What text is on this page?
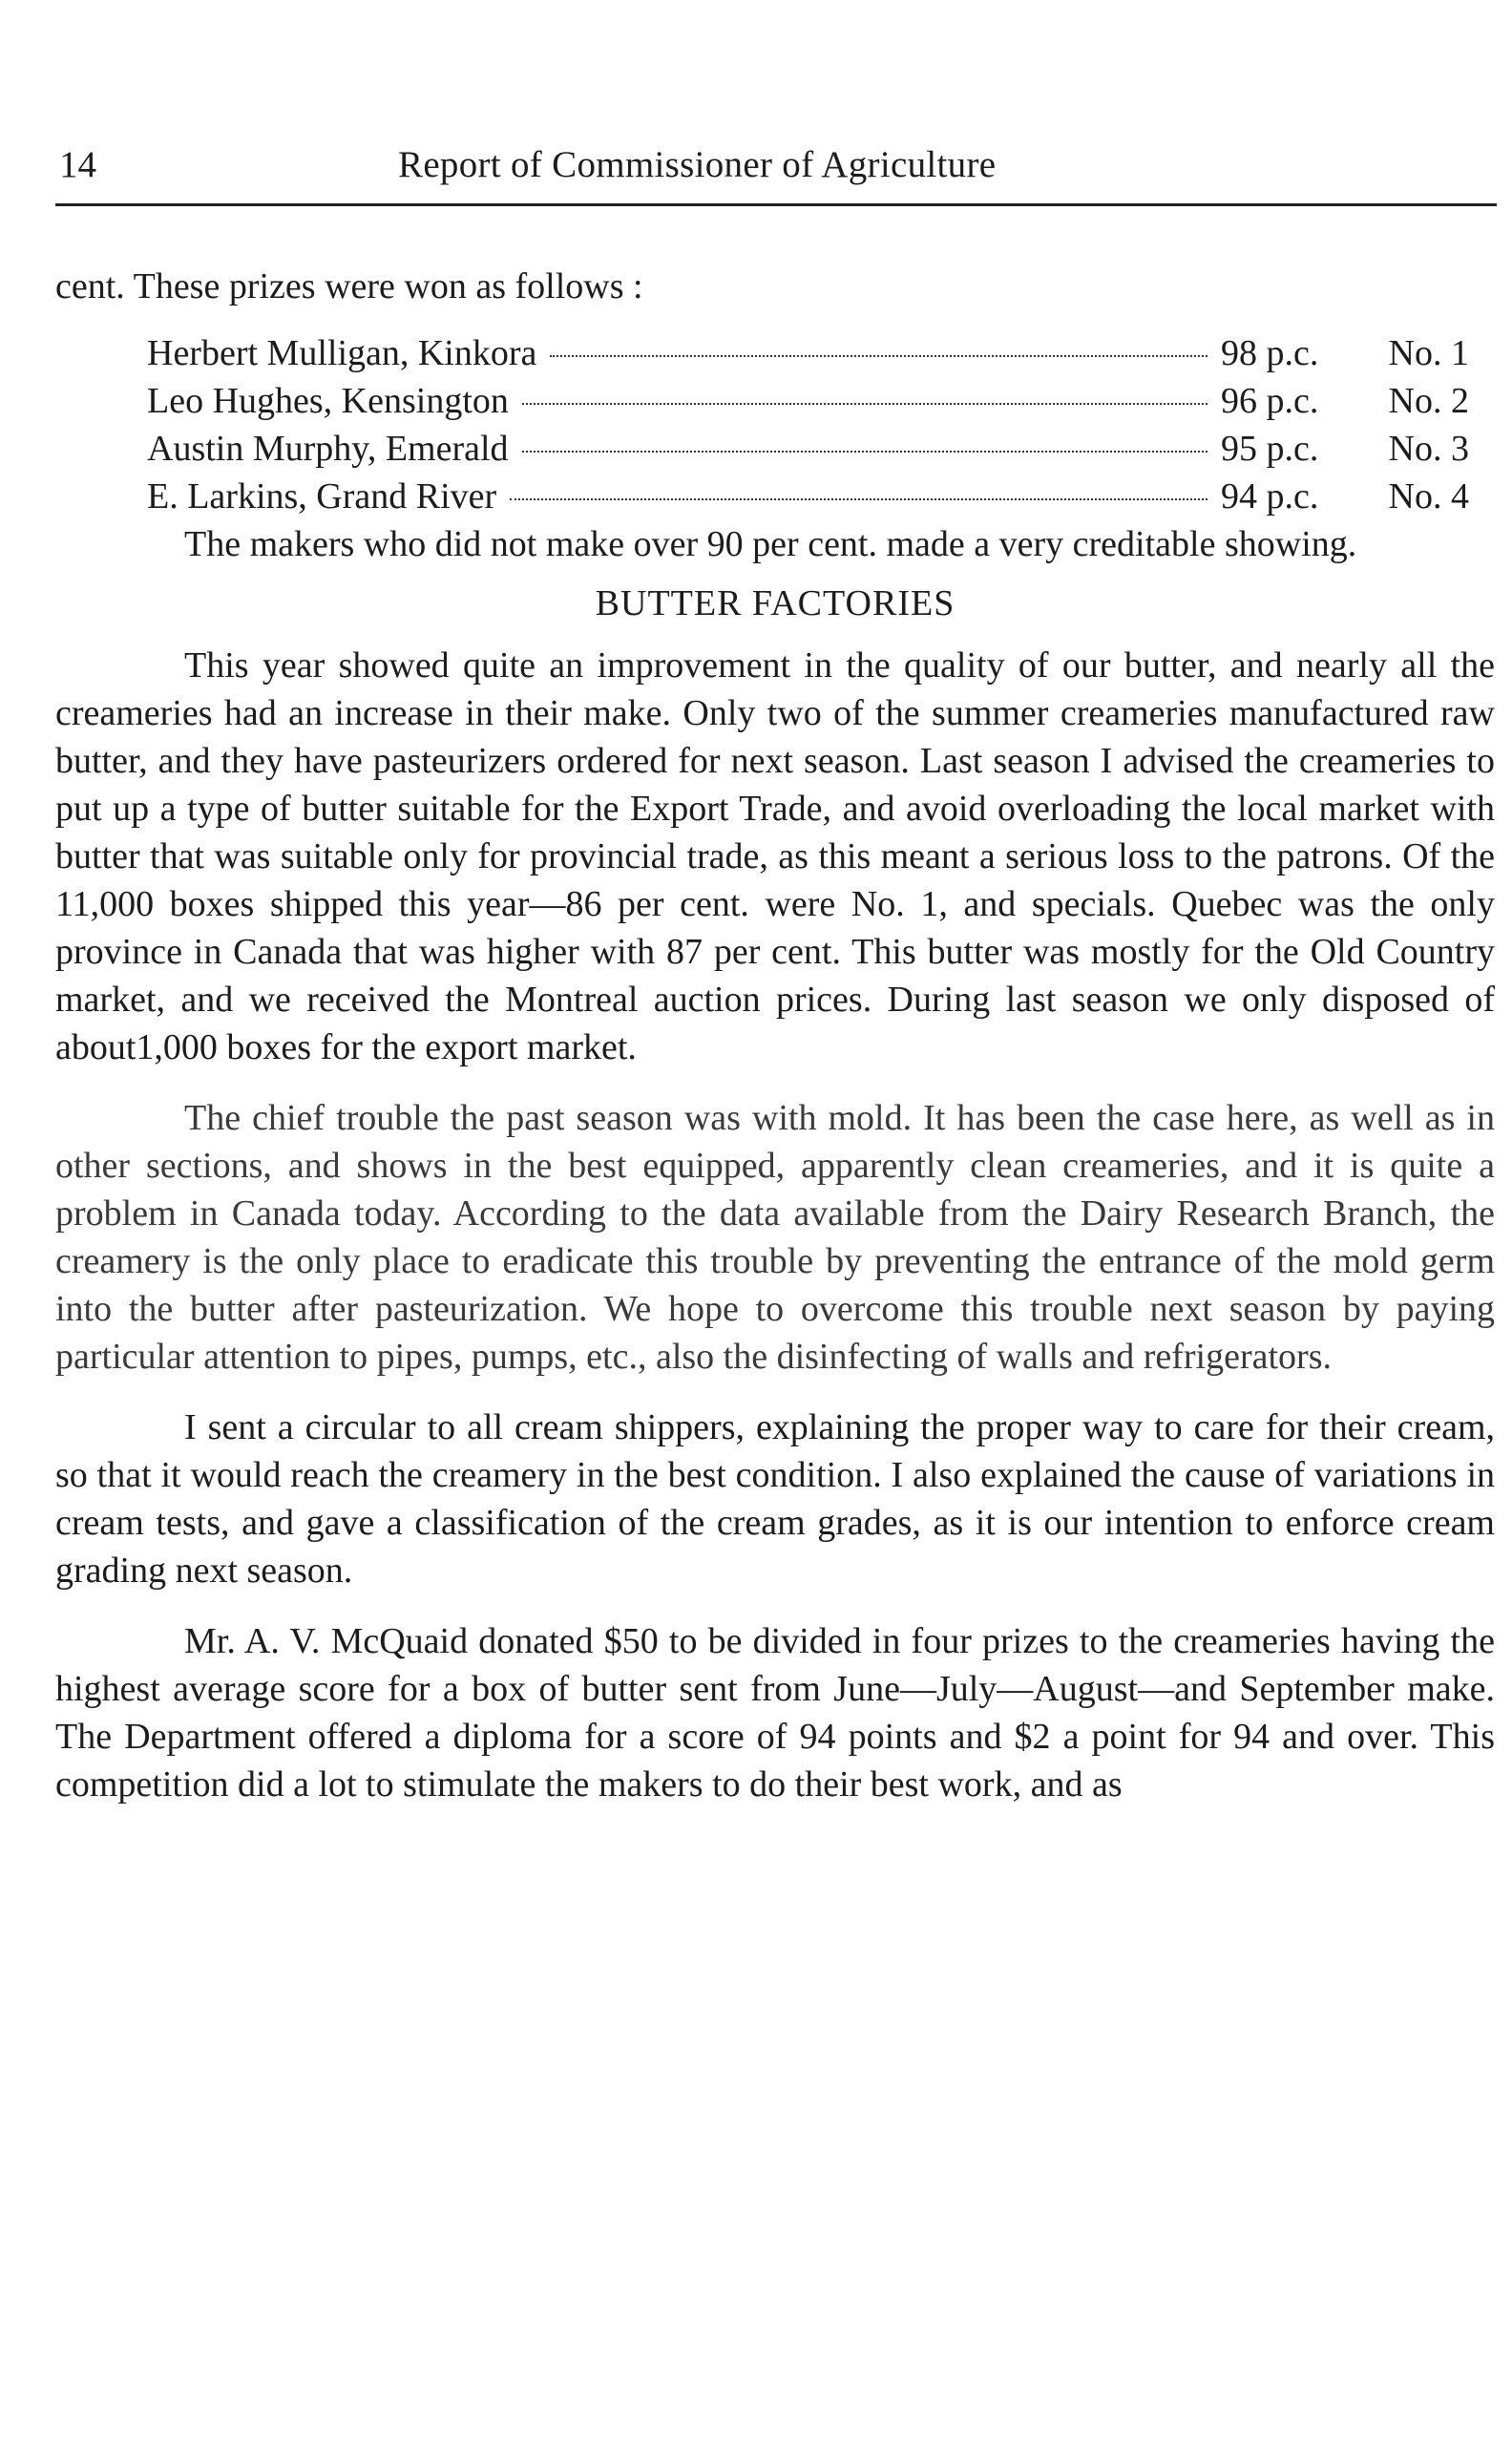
14	Report of Commissioner of Agriculture

cent. These prizes were won as follows :

Herbert Mulligan, Kinkora	98 p.c.	No. 1
Leo Hughes, Kensington	96 p.c.	No. 2
Austin Murphy, Emerald	95 p.c.	No. 3
E. Larkins, Grand River	94 p.c.	No. 4

The makers who did not make over 90 per cent. made a very creditable showing.

BUTTER FACTORIES

This year showed quite an improvement in the quality of our butter, and nearly all the creameries had an increase in their make. Only two of the summer creameries manufactured raw butter, and they have pasteurizers ordered for next season. Last season I advised the creameries to put up a type of butter suitable for the Export Trade, and avoid overloading the local market with butter that was suitable only for provincial trade, as this meant a serious loss to the patrons. Of the 11,000 boxes shipped this year—86 per cent. were No. 1, and specials. Quebec was the only province in Canada that was higher with 87 per cent. This butter was mostly for the Old Country market, and we received the Montreal auction prices. During last season we only disposed of about1,000 boxes for the export market.

The chief trouble the past season was with mold. It has been the case here, as well as in other sections, and shows in the best equipped, apparently clean creameries, and it is quite a problem in Canada today. According to the data available from the Dairy Research Branch, the creamery is the only place to eradicate this trouble by preventing the entrance of the mold germ into the butter after pasteurization. We hope to overcome this trouble next season by paying particular attention to pipes, pumps, etc., also the disinfecting of walls and refrigerators.

I sent a circular to all cream shippers, explaining the proper way to care for their cream, so that it would reach the creamery in the best condition. I also explained the cause of variations in cream tests, and gave a classification of the cream grades, as it is our intention to enforce cream grading next season.

Mr. A. V. McQuaid donated $50 to be divided in four prizes to the creameries having the highest average score for a box of butter sent from June—July—August—and September make. The Department offered a diploma for a score of 94 points and $2 a point for 94 and over. This competition did a lot to stimulate the makers to do their best work, and as
